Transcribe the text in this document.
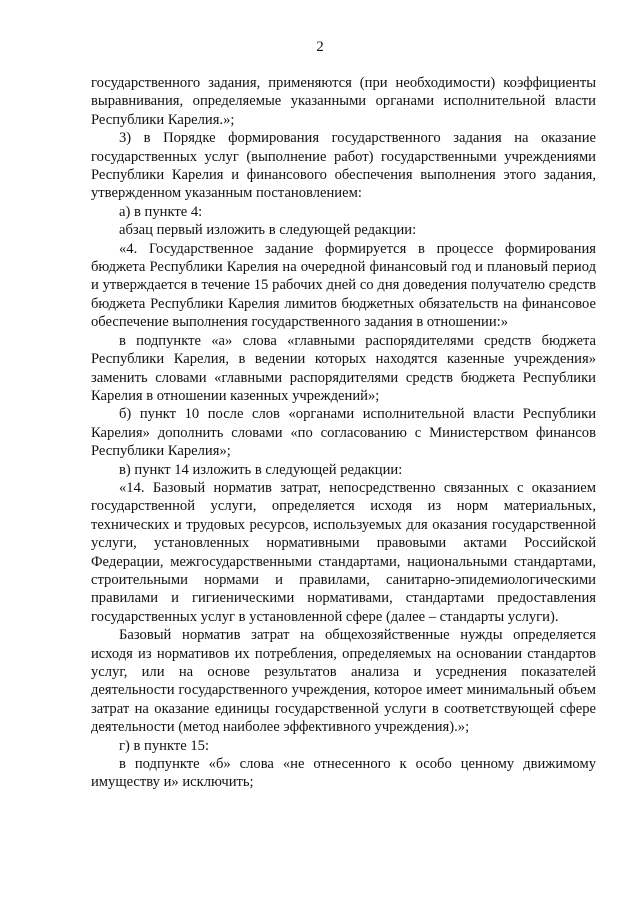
2

государственного задания, применяются (при необходимости) коэффициенты выравнивания, определяемые указанными органами исполнительной власти Республики Карелия.»;

3) в Порядке формирования государственного задания на оказание государственных услуг (выполнение работ) государственными учреждениями Республики Карелия и финансового обеспечения выполнения этого задания, утвержденном указанным постановлением:

а) в пункте 4:

абзац первый изложить в следующей редакции:

«4. Государственное задание формируется в процессе формирования бюджета Республики Карелия на очередной финансовый год и плановый период и утверждается в течение 15 рабочих дней со дня доведения получателю средств бюджета Республики Карелия лимитов бюджетных обязательств на финансовое обеспечение выполнения государственного задания в отношении:»

в подпункте «а» слова «главными распорядителями средств бюджета Республики Карелия, в ведении которых находятся казенные учреждения» заменить словами «главными распорядителями средств бюджета Республики Карелия в отношении казенных учреждений»;

б) пункт 10 после слов «органами исполнительной власти Республики Карелия» дополнить словами «по согласованию с Министерством финансов Республики Карелия»;

в) пункт 14 изложить в следующей редакции:

«14. Базовый норматив затрат, непосредственно связанных с оказанием государственной услуги, определяется исходя из норм материальных, технических и трудовых ресурсов, используемых для оказания государственной услуги, установленных нормативными правовыми актами Российской Федерации, межгосударственными стандартами, национальными стандартами, строительными нормами и правилами, санитарно-эпидемиологическими правилами и гигиеническими нормативами, стандартами предоставления государственных услуг в установленной сфере (далее – стандарты услуги).

Базовый норматив затрат на общехозяйственные нужды определяется исходя из нормативов их потребления, определяемых на основании стандартов услуг, или на основе результатов анализа и усреднения показателей деятельности государственного учреждения, которое имеет минимальный объем затрат на оказание единицы государственной услуги в соответствующей сфере деятельности (метод наиболее эффективного учреждения).»;

г) в пункте 15:

в подпункте «б» слова «не отнесенного к особо ценному движимому имуществу и» исключить;
